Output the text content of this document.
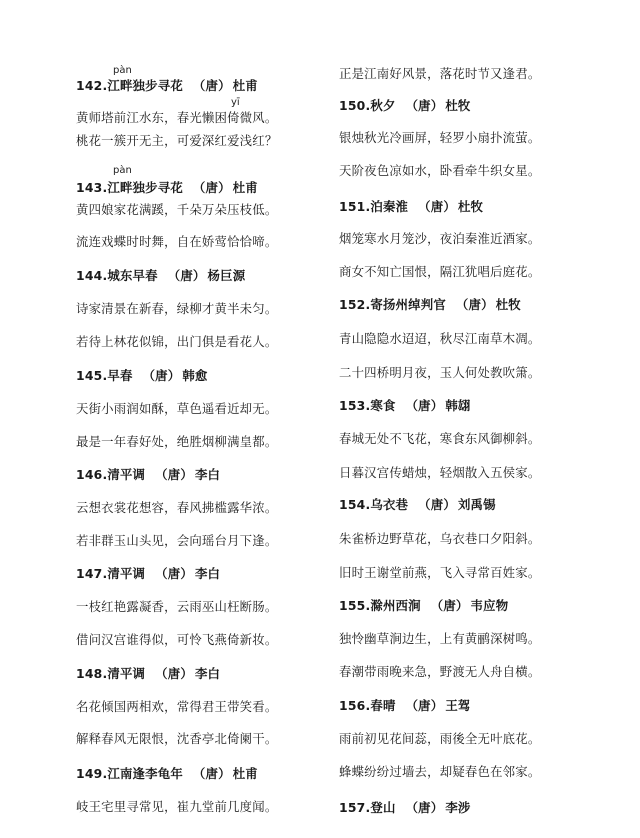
142.江畔独步寻花 （唐） 杜甫
黄师塔前江水东，春光懒困倚微风。
桃花一簇开无主，可爱深红爱浅红？
143.江畔独步寻花 （唐） 杜甫
黄四娘家花满蹊，千朵万朵压枝低。
流连戏蝶时时舞，自在娇莺恰恰啼。
144.城东早春 （唐） 杨巨源
诗家清景在新春，绿柳才黄半未匀。
若待上林花似锦，出门俱是看花人。
145.早春 （唐） 韩愈
天街小雨润如酥，草色遥看近却无。
最是一年春好处，绝胜烟柳满皇都。
146.清平调 （唐） 李白
云想衣裳花想容，春风拂槛露华浓。
若非群玉山头见，会向瑶台月下逢。
147.清平调 （唐） 李白
一枝红艳露凝香，云雨巫山枉断肠。
借问汉宫谁得似，可怜飞燕倚新妆。
148.清平调 （唐） 李白
名花倾国两相欢，常得君王带笑看。
解释春风无限恨，沈香亭北倚阑干。
149.江南逢李龟年 （唐） 杜甫
岐王宅里寻常见，崔九堂前几度闻。
正是江南好风景，落花时节又逢君。
150.秋夕 （唐） 杜牧
银烛秋光冷画屏，轻罗小扇扑流萤。
天阶夜色凉如水，卧看牵牛织女星。
151.泊秦淮 （唐） 杜牧
烟笼寒水月笼沙，夜泊秦淮近酒家。
商女不知亡国恨，隔江犹唱后庭花。
152.寄扬州绰判官 （唐） 杜牧
青山隐隐水迢迢，秋尽江南草木凋。
二十四桥明月夜，玉人何处教吹箫。
153.寒食 （唐） 韩翃
春城无处不飞花，寒食东风御柳斜。
日暮汉宫传蜡烛，轻烟散入五侯家。
154.乌衣巷 （唐） 刘禹锡
朱雀桥边野草花，乌衣巷口夕阳斜。
旧时王谢堂前燕，飞入寻常百姓家。
155.滁州西涧 （唐） 韦应物
独怜幽草涧边生，上有黄鹂深树鸣。
春潮带雨晚来急，野渡无人舟自横。
156.春晴 （唐） 王驾
雨前初见花间蕊，雨後全无叶底花。
蜂蝶纷纷过墙去，却疑春色在邻家。
157.登山 （唐） 李涉
pàn
yī
pàn
